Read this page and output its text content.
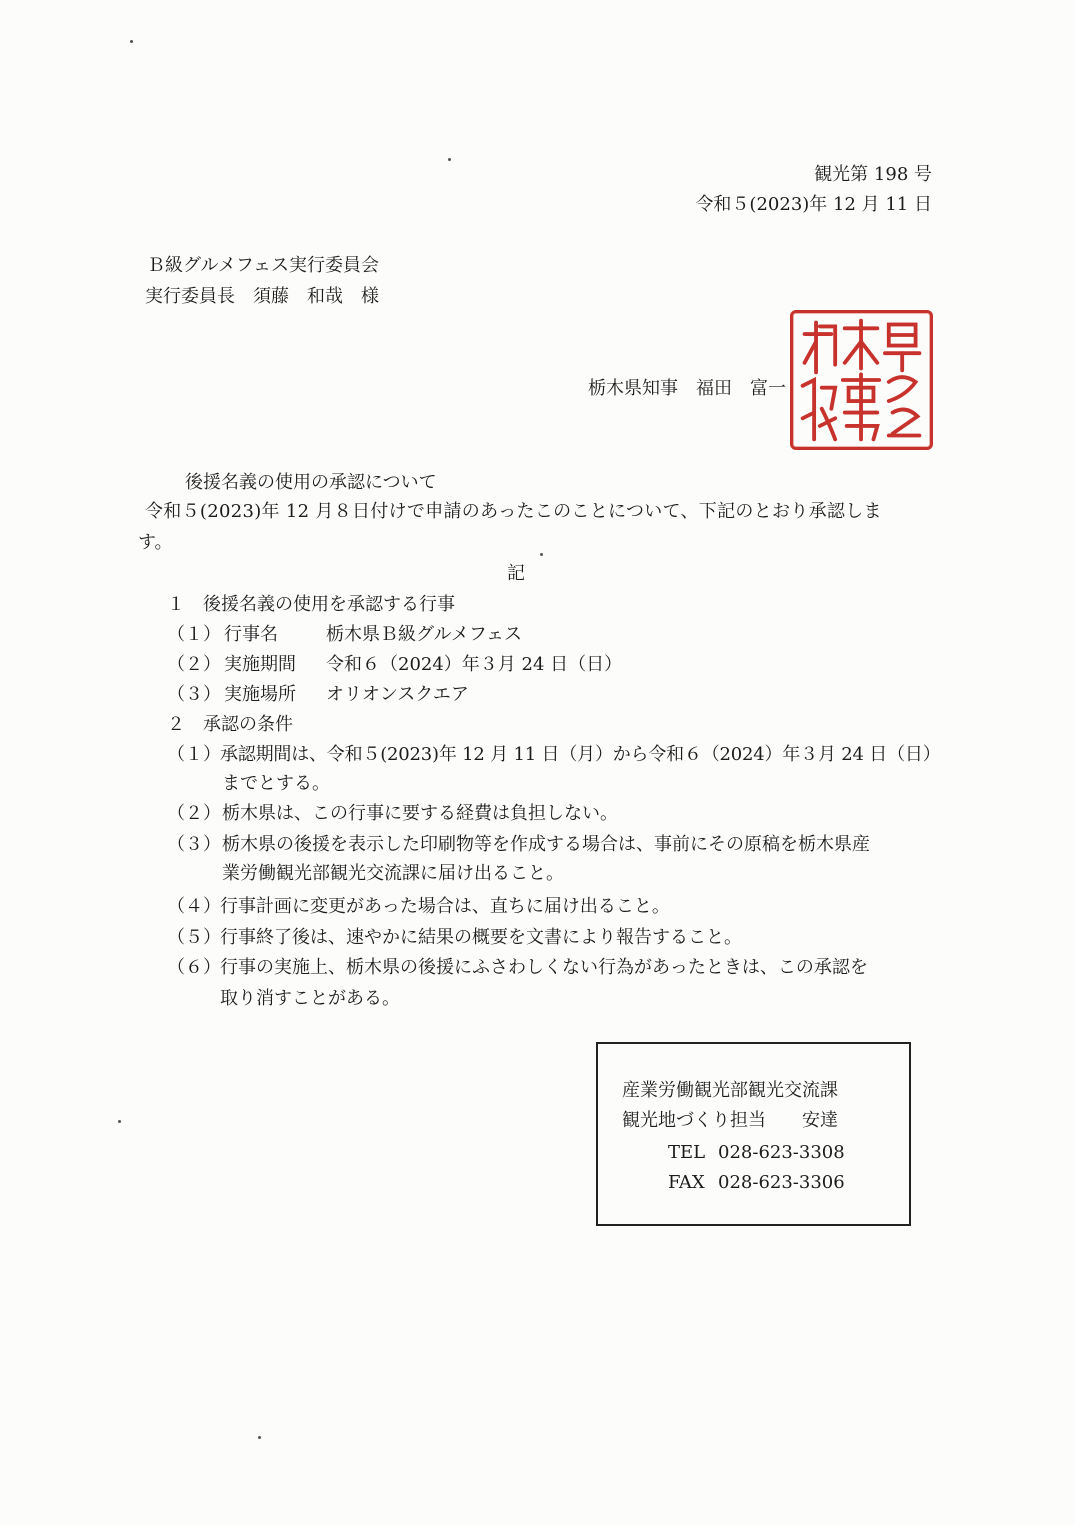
観光第 198 号
令和５(2023)年 12 月 11 日
Ｂ級グルメフェス実行委員会
実行委員長　須藤　和哉　様
栃木県知事　福田　富一
後援名義の使用の承認について
令和５(2023)年 12 月８日付けで申請のあったこのことについて、下記のとおり承認しま
す。
記
１　後援名義の使用を承認する行事
（１） 行事名	栃木県Ｂ級グルメフェス
（２） 実施期間 令和６（2024）年３月 24 日（日）
（３） 実施場所 オリオンスクエア
２　承認の条件
（１） 承認期間は、令和５(2023)年 12 月 11 日（月）から令和６（2024）年３月 24 日（日）
までとする。
（２） 栃木県は、この行事に要する経費は負担しない。
（３） 栃木県の後援を表示した印刷物等を作成する場合は、事前にその原稿を栃木県産
業労働観光部観光交流課に届け出ること。
（４） 行事計画に変更があった場合は、直ちに届け出ること。
（５） 行事終了後は、速やかに結果の概要を文書により報告すること。
（６） 行事の実施上、栃木県の後援にふさわしくない行為があったときは、この承認を
取り消すことがある。
産業労働観光部観光交流課
観光地づくり担当　　安達
TEL 028-623-3308
FAX 028-623-3306
